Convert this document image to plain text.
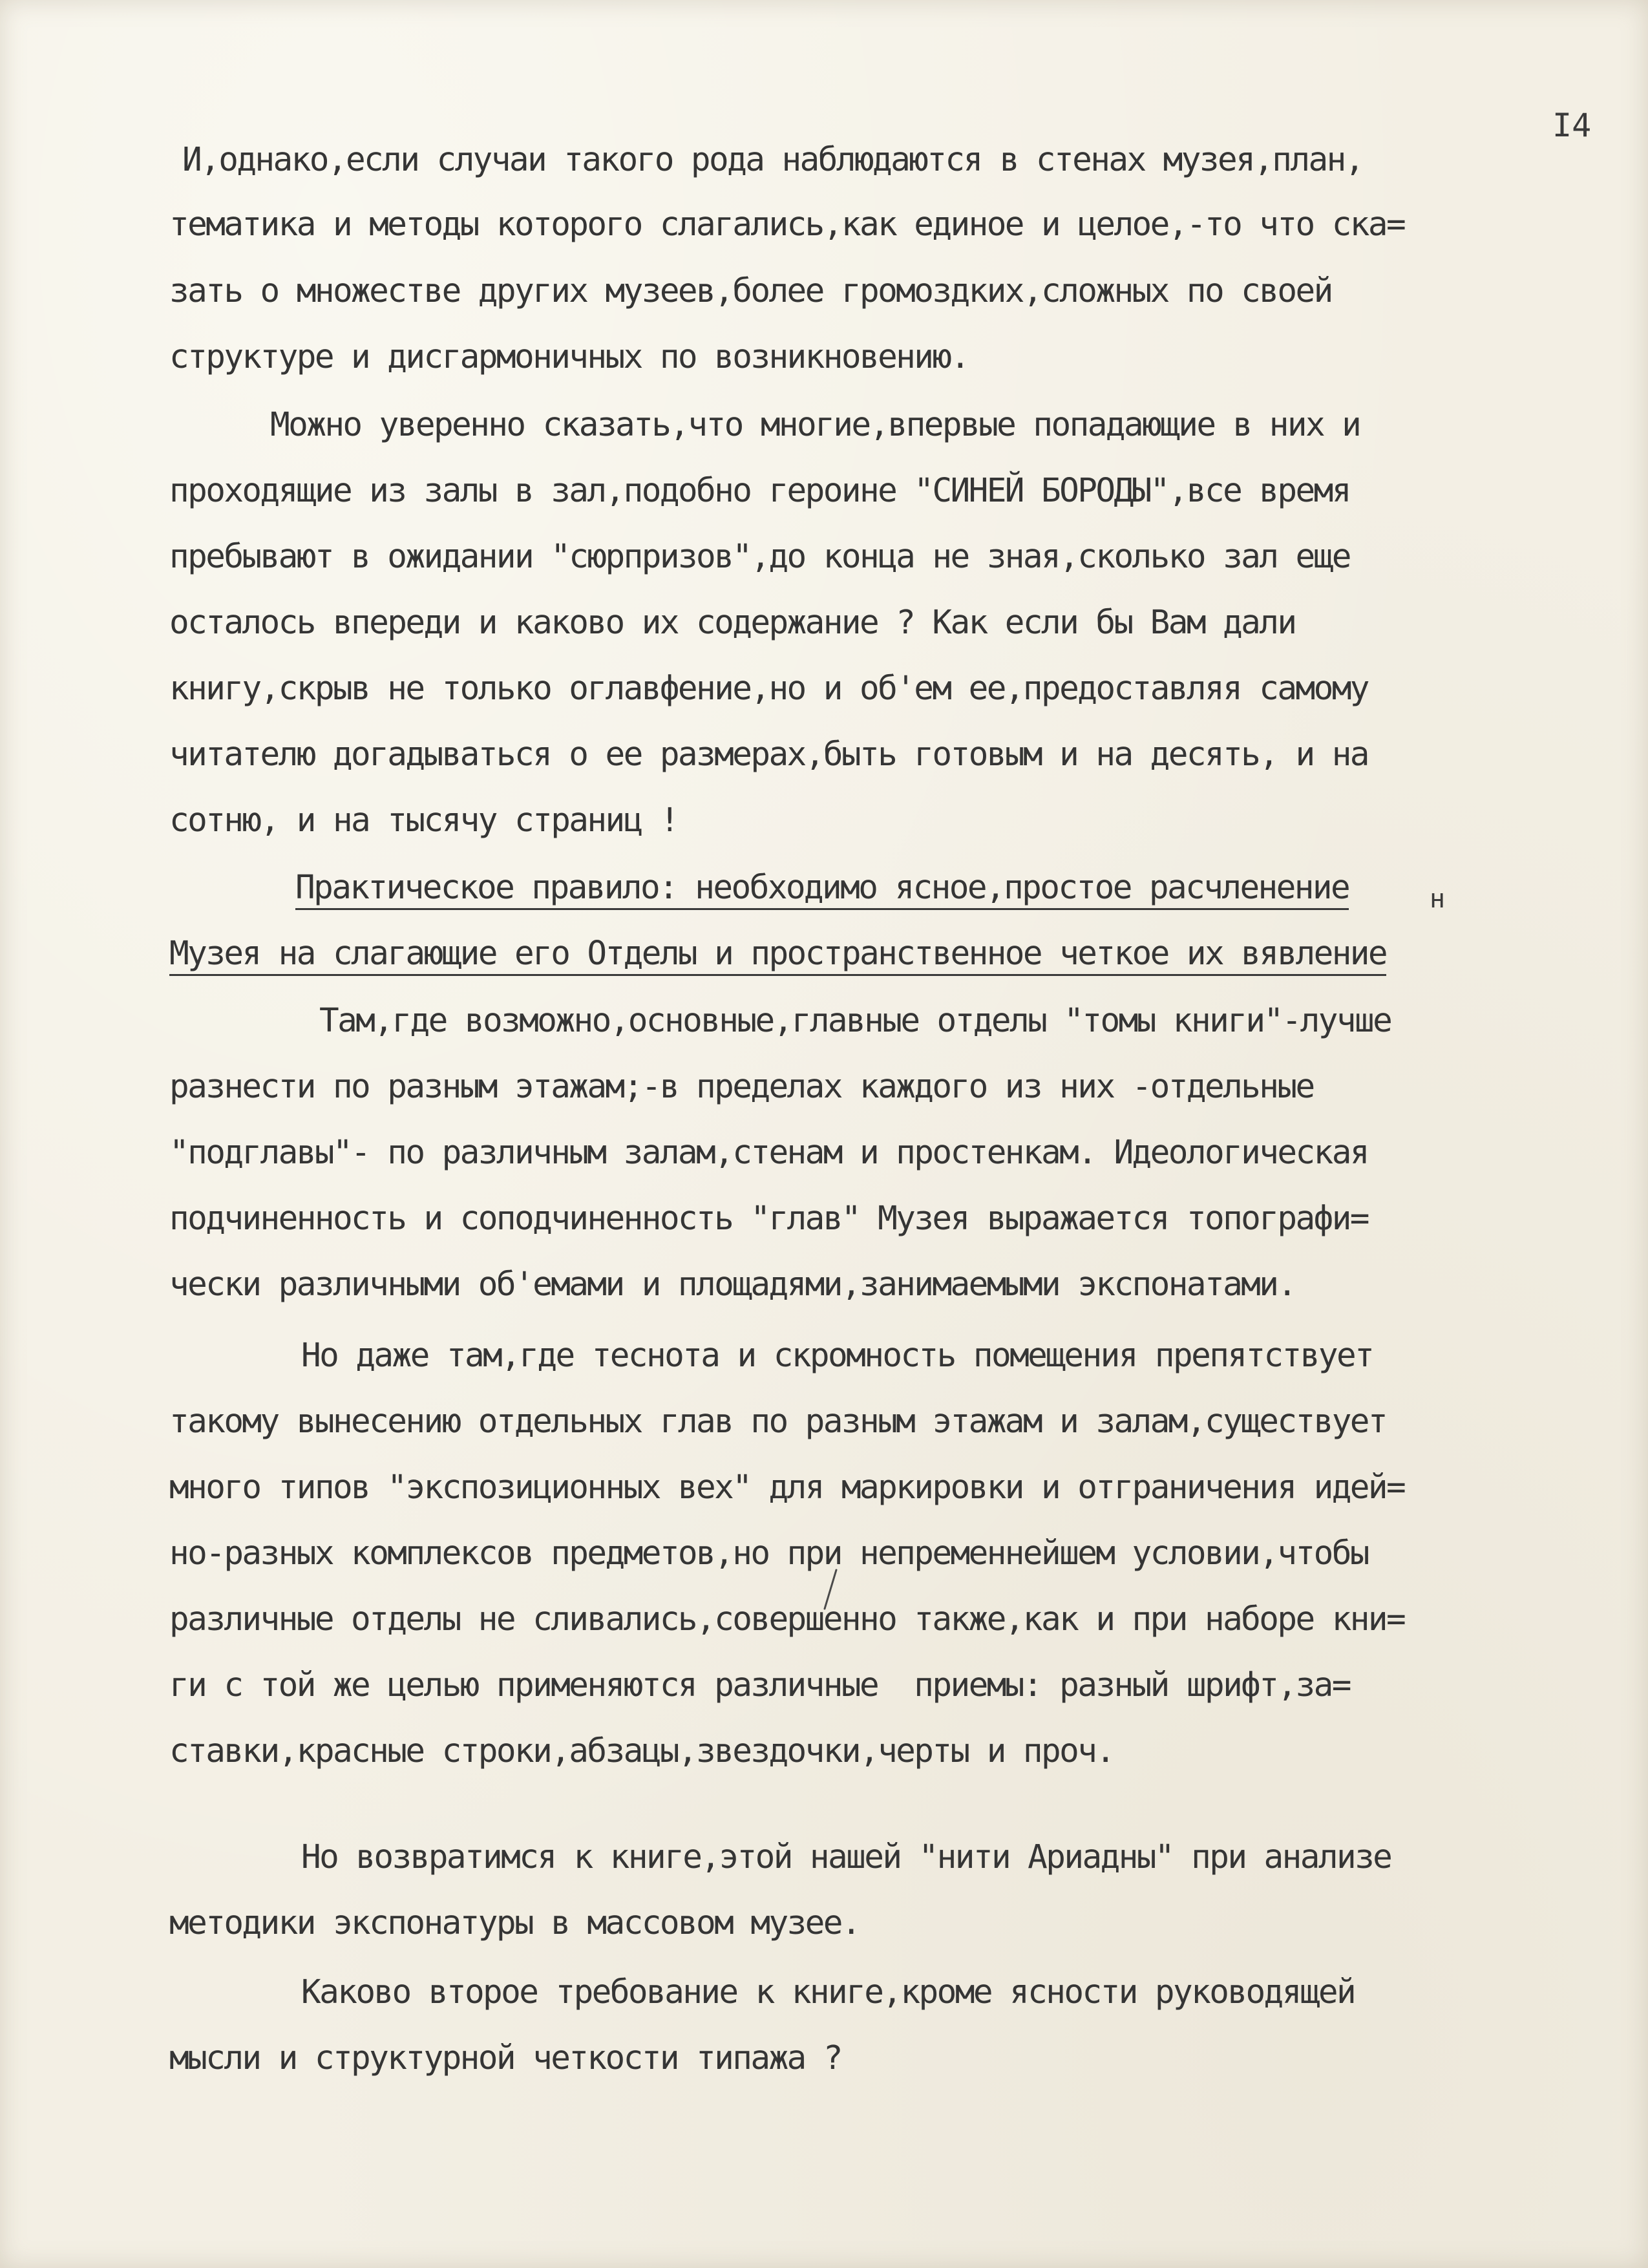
I4
И,однако,если случаи такого рода наблюдаются в стенах музея,план,
тематика и методы которого слагались,как единое и целое,-то что ска=
зать о множестве других музеев,более громоздких,сложных по своей
структуре и дисгармоничных по возникновению.
Можно уверенно сказать,что многие,впервые попадающие в них и
проходящие из залы в зал,подобно героине "СИНЕЙ БОРОДЫ",все время
пребывают в ожидании "сюрпризов",до конца не зная,сколько зал еще
осталось впереди и каково их содержание ? Как если бы Вам дали
книгу,скрыв не только оглавфение,но и об'ем ее,предоставляя самому
читателю догадываться о ее размерах,быть готовым и на десять, и на
сотню, и на тысячу страниц !
н
Практическое правило: необходимо ясное,простое расчленение
Музея на слагающие его Отделы и пространственное четкое их вявление
Там,где возможно,основные,главные отделы "томы книги"-лучше
разнести по разным этажам;-в пределах каждого из них -отдельные
"подглавы"- по различным залам,стенам и простенкам. Идеологическая
подчиненность и соподчиненность "глав" Музея выражается топографи=
чески различными об'емами и площадями,занимаемыми экспонатами.
Но даже там,где теснота и скромность помещения препятствует
такому вынесению отдельных глав по разным этажам и залам,существует
много типов "экспозиционных вех" для маркировки и отграничения идей=
но-разных комплексов предметов,но при непременнейшем условии,чтобы
различные отделы не сливались,совершенно также,как и при наборе кни=
ги с той же целью применяются различные  приемы: разный шрифт,за=
ставки,красные строки,абзацы,звездочки,черты и проч.
Но возвратимся к книге,этой нашей "нити Ариадны" при анализе
методики экспонатуры в массовом музее.
Каково второе требование к книге,кроме ясности руководящей
мысли и структурной четкости типажа ?
